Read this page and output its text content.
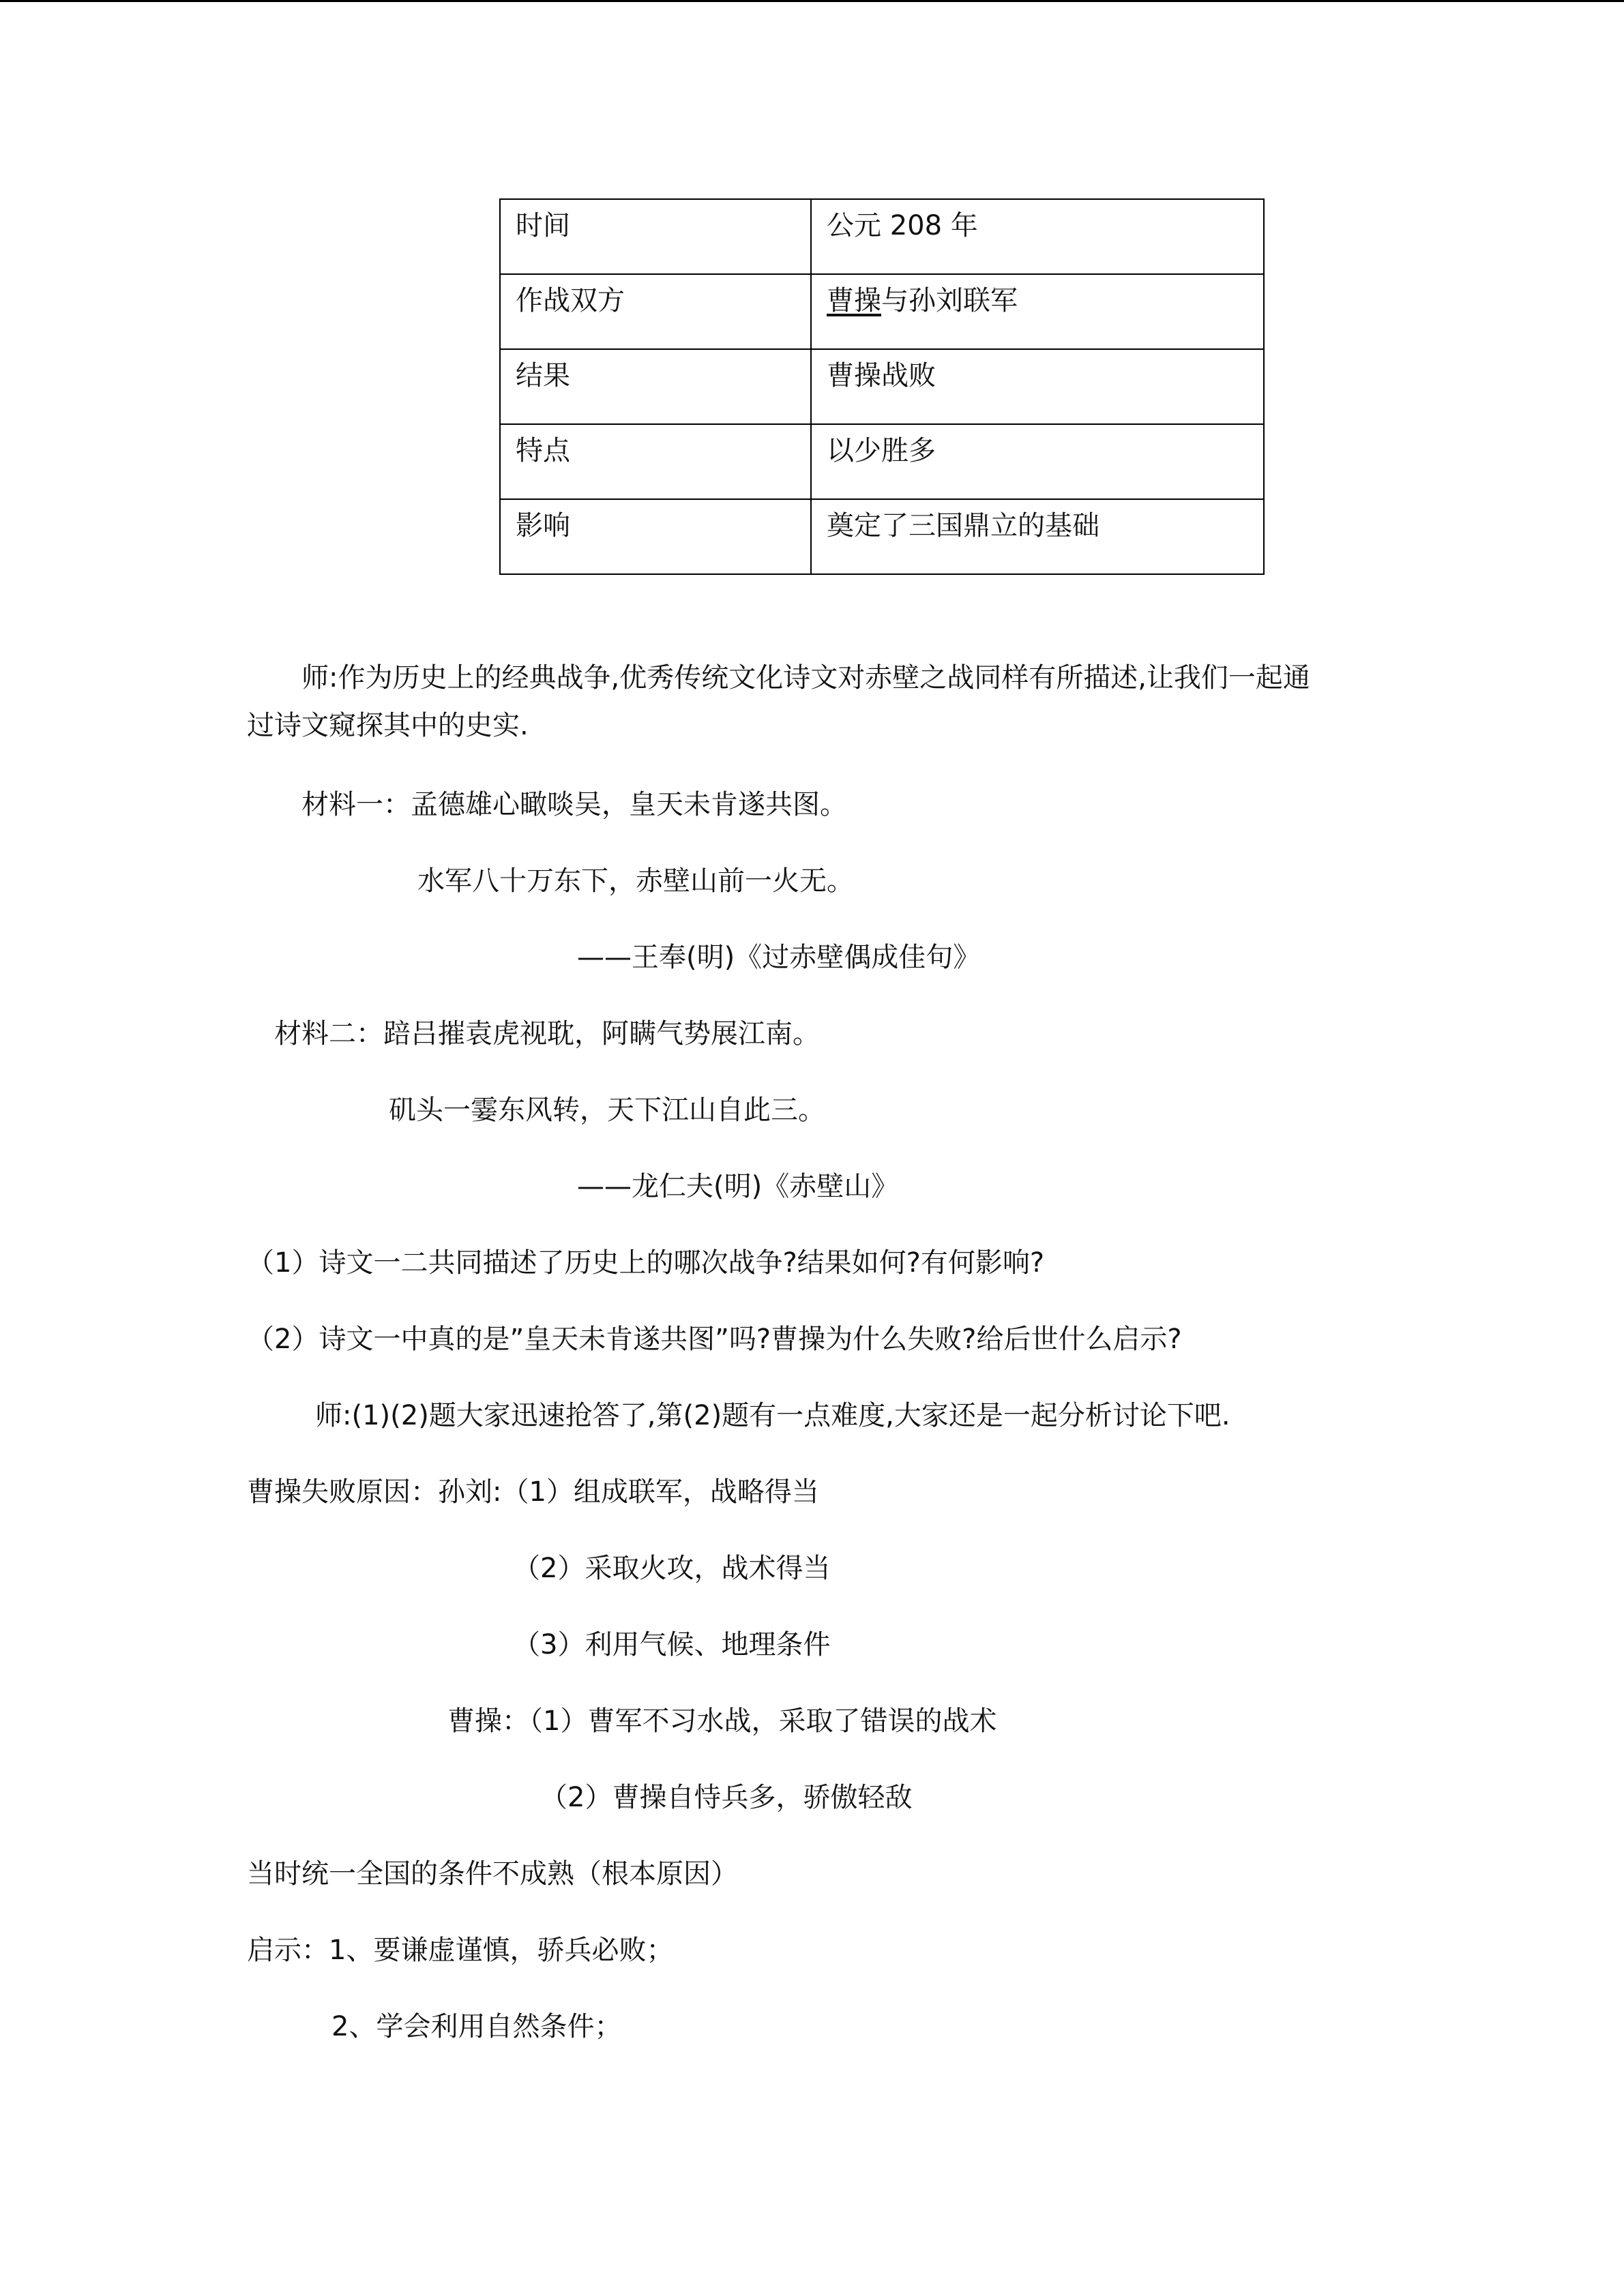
时间	公元 208 年
作战双方	曹操与孙刘联军
结果	曹操战败
特点	以少胜多
影响	奠定了三国鼎立的基础
师:作为历史上的经典战争,优秀传统文化诗文对赤壁之战同样有所描述,让我们一起通
过诗文窥探其中的史实.
材料一：孟德雄心瞰啖吴，皇天未肯遂共图。
水军八十万东下，赤壁山前一火无。
——王奉(明)《过赤壁偶成佳句》
材料二：踣吕摧袁虎视耽，阿瞒气势展江南。
矶头一霎东风转，天下江山自此三。
——龙仁夫(明)《赤壁山》
（1）诗文一二共同描述了历史上的哪次战争?结果如何?有何影响?
（2）诗文一中真的是”皇天未肯遂共图”吗?曹操为什么失败?给后世什么启示?
师:(1)(2)题大家迅速抢答了,第(2)题有一点难度,大家还是一起分析讨论下吧.
曹操失败原因：孙刘:（1）组成联军，战略得当
（2）采取火攻，战术得当
（3）利用气候、地理条件
曹操：（1）曹军不习水战，采取了错误的战术
（2）曹操自恃兵多，骄傲轻敌
当时统一全国的条件不成熟（根本原因）
启示：1、要谦虚谨慎，骄兵必败；
2、学会利用自然条件；
